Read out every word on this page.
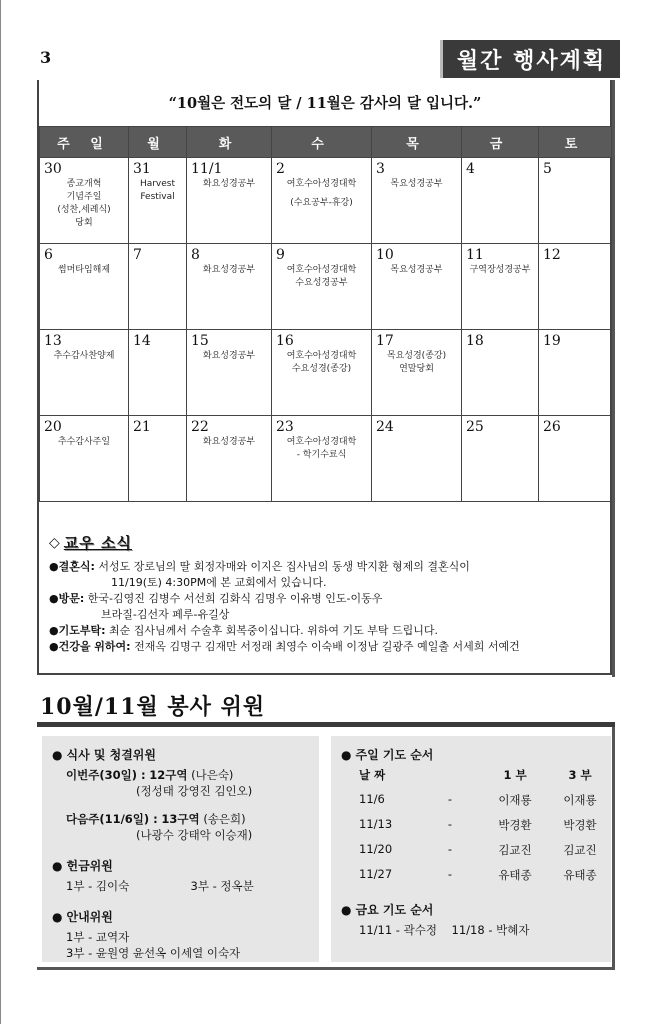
3	월간 행사계획
“10월은 전도의 달 / 11월은 감사의 달 입니다.”
주 일	월	화	수	목	금	토

30
종교개혁
기념주일
(성찬,세례식)
당회	31
Harvest
Festival	11/1
화요성경공부	2
여호수아성경대학
(수요공부-휴강)	3
목요성경공부	4	5

6
썸머타임해제	7	8
화요성경공부	9
여호수아성경대학
수요성경공부	10
목요성경공부	11
구역장성경공부	12

13
추수감사찬양제	14	15
화요성경공부	16
여호수아성경대학
수요성경(종강)	17
목요성경(종강)
연말당회	18	19

20
추수감사주일	21	22
화요성경공부	23
여호수아성경대학
- 학기수료식	24	25	26
◇ 교우 소식
●결혼식: 서성도 장로님의 딸 회정자매와 이지은 집사님의 동생 박지환 형제의 결혼식이
11/19(토) 4:30PM에 본 교회에서 있습니다.
●방문: 한국-김영진 김병수 서선희 김화식 김명우 이유병 인도-이동우
브라질-김선자 페루-유길상
●기도부탁: 최순 집사님께서 수술후 회복중이십니다. 위하여 기도 부탁 드립니다.
●건강을 위하여: 전재옥 김명구 김재만 서정래 최영수 이숙배 이정남 길광주 예일출 서세희 서예건
10월/11월 봉사 위원
● 식사 및 청결위원
이번주(30일) : 12구역 (나은숙)
(정성태 강영진 김인오)
다음주(11/6일) : 13구역 (송은희)
(나광수 강태악 이승재)
● 헌금위원
1부 - 김이숙	3부 - 정옥분
● 안내위원
1부 - 교역자
3부 - 윤원영 윤선옥 이세열 이숙자
● 주일 기도 순서
날 짜	1 부	3 부
11/6	-	이재룡	이재룡
11/13	-	박경환	박경환
11/20	-	김교진	김교진
11/27	-	유태종	유태종
● 금요 기도 순서
11/11 - 곽수정    11/18 - 박혜자
